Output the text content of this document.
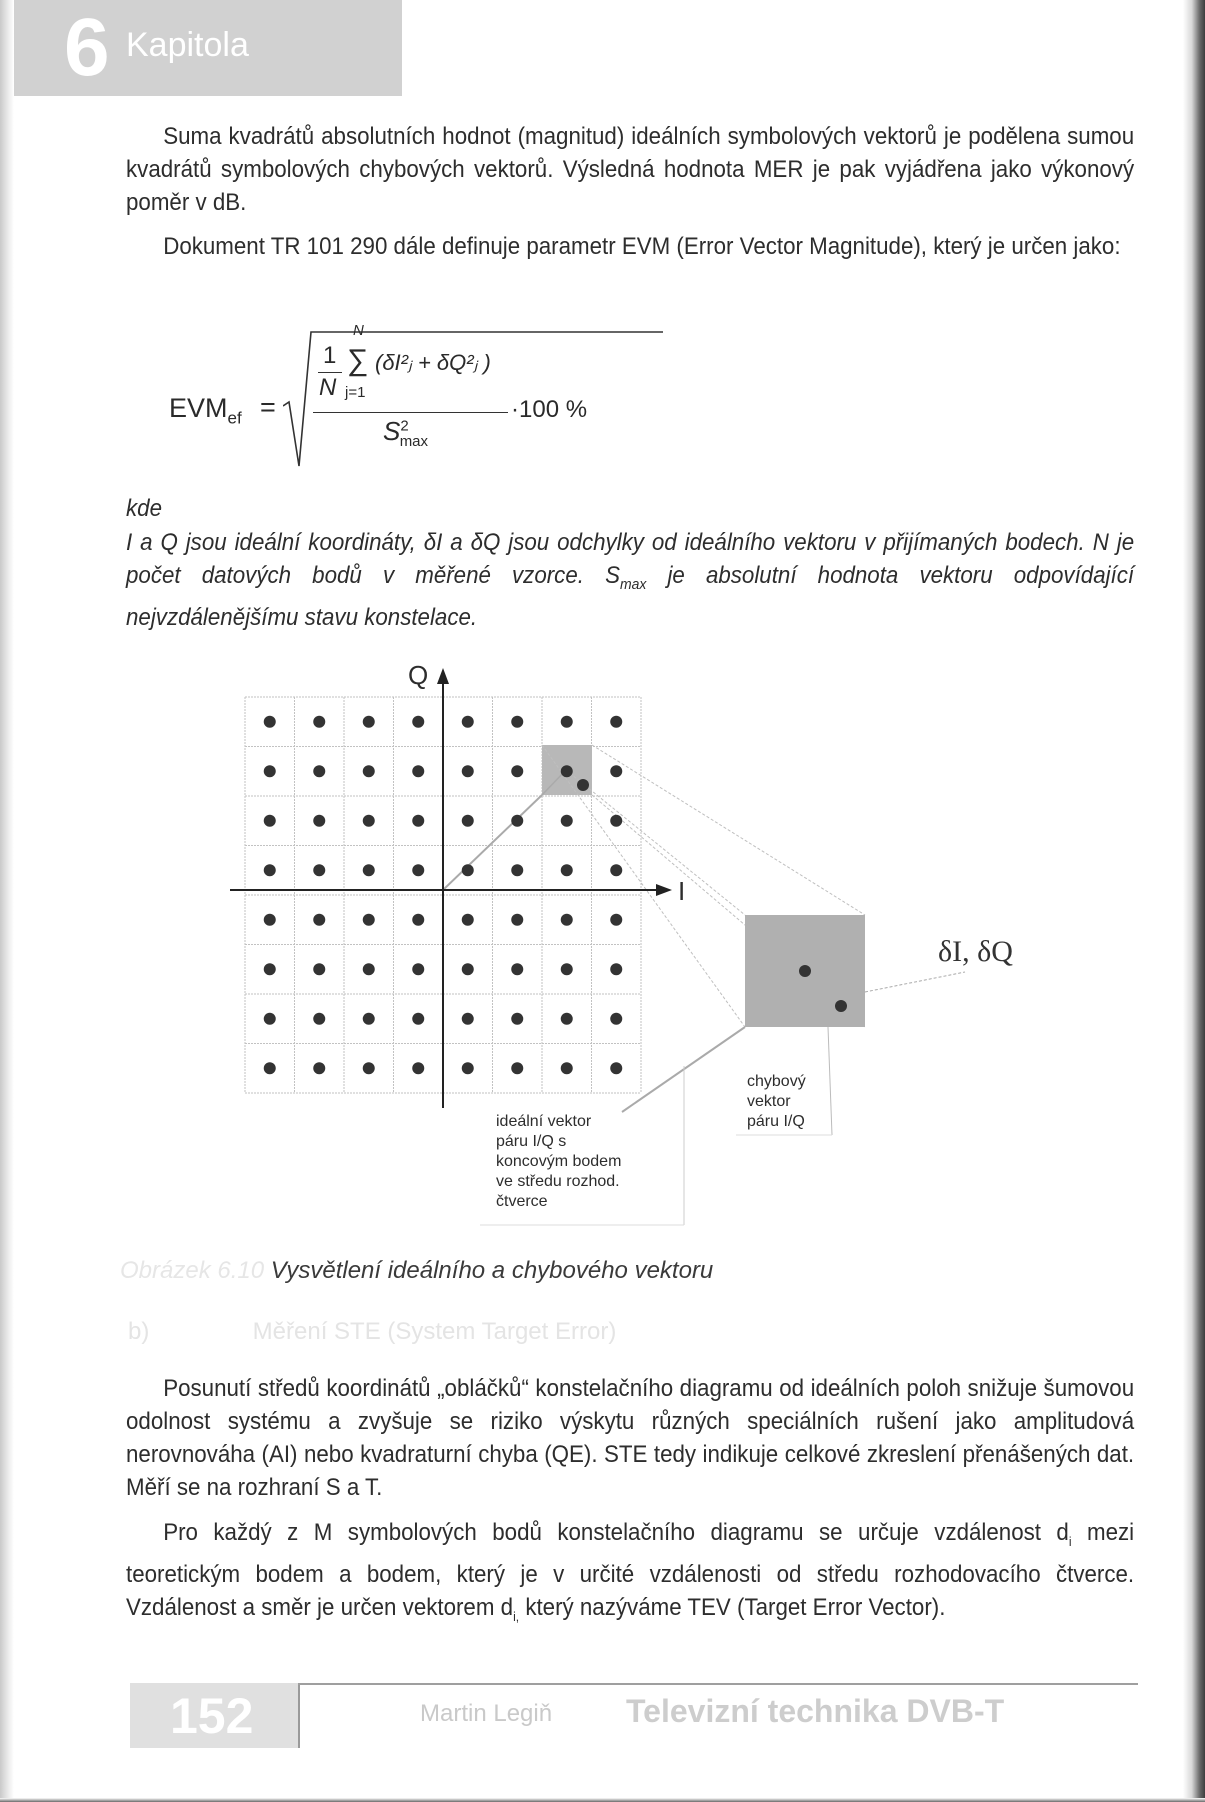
6 Kapitola

Suma kvadrátů absolutních hodnot (magnitud) ideálních symbolových vektorů je podělena sumou kvadrátů symbolových chybových vektorů. Výsledná hodnota MER je pak vyjádřena jako výkonový poměr v dB.

Dokument TR 101 290 dále definuje parametr EVM (Error Vector Magnitude), který je určen jako:

$EVM_{ef}$ =
1
N
N
∑
j=1
(δI²ⱼ + δQ²ⱼ )
$S^2_{max}$
·100 %

kde

I a Q jsou ideální koordináty, δI a δQ jsou odchylky od ideálního vektoru v přijímaných bodech. N je počet datových bodů v měřené vzorce. $S_{max}$ je absolutní hodnota vektoru odpovídající nejvzdálenějšímu stavu konstelace.

Q
I
δI, δQ
ideální vektor
páru I/Q s
koncovým bodem
ve středu rozhod.
čtverce
chybový
vektor
páru I/Q
Obrázek 6.10 Vysvětlení ideálního a chybového vektoru
b)	Měření STE (System Target Error)

Posunutí středů koordinátů „obláčků“ konstelačního diagramu od ideálních poloh snižuje šumovou odolnost systému a zvyšuje se riziko výskytu různých speciálních rušení jako amplitudová nerovnováha (AI) nebo kvadraturní chyba (QE). STE tedy indikuje celkové zkreslení přenášených dat. Měří se na rozhraní S a T.

Pro každý z M symbolových bodů konstelačního diagramu se určuje vzdálenost $d_i$ mezi teoretickým bodem a bodem, který je v určité vzdálenosti od středu rozhodovacího čtverce. Vzdálenost a směr je určen vektorem $d_{i,}$ který nazýváme TEV (Target Error Vector).

152	Martin Legiň Televizní technika DVB-T
